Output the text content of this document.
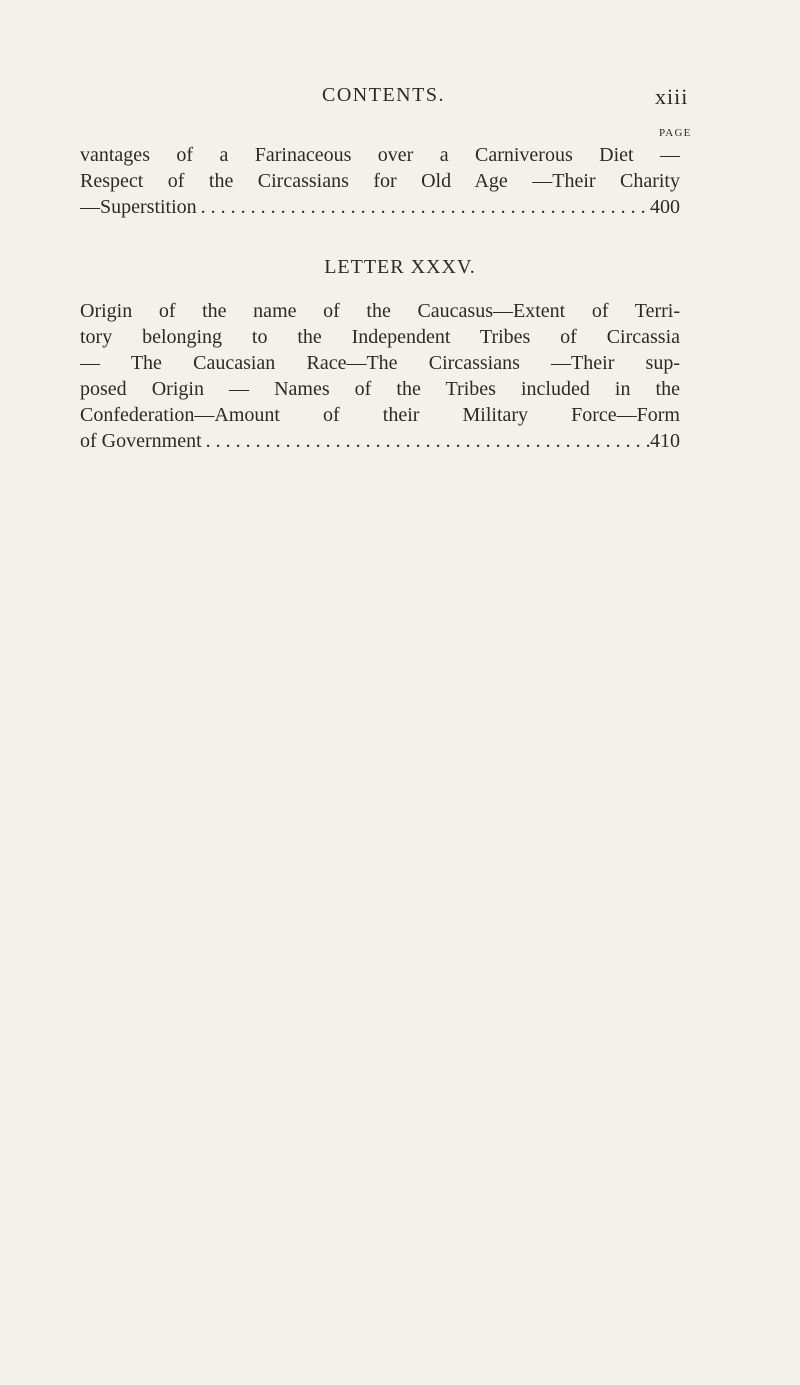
CONTENTS.	xiii
PAGE
vantages of a Farinaceous over a Carniverous Diet —
Respect of the Circassians for Old Age —Their Charity
—Superstition . . .	400
LETTER XXXV.
Origin of the name of the Caucasus—Extent of Terri-
tory belonging to the Independent Tribes of Circassia
— The Caucasian Race—The Circassians —Their sup-
posed Origin — Names of the Tribes included in the
Confederation—Amount of their Military Force—Form
of Government . . .	410
